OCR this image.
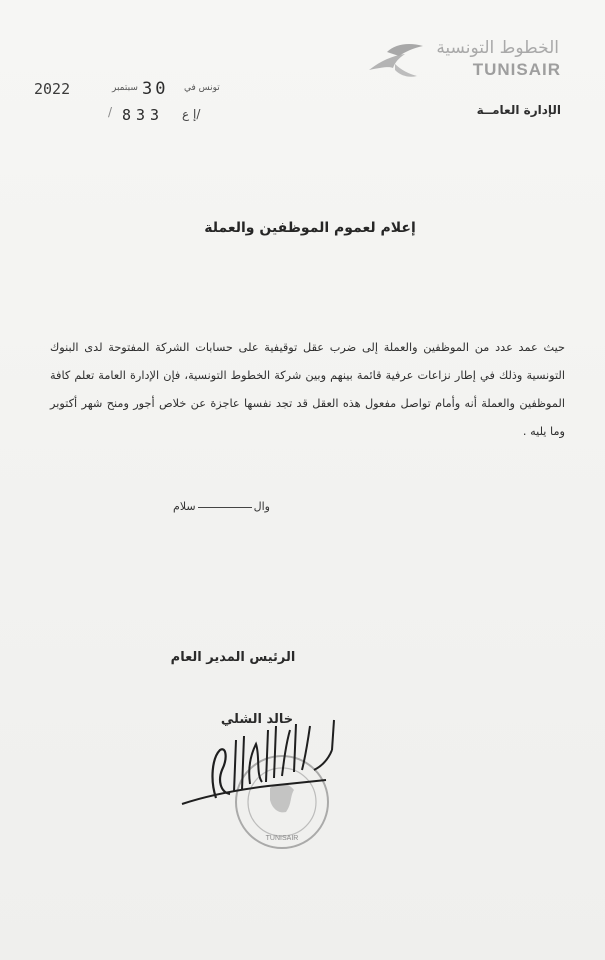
الخطوط التونسية
TUNISAIR
الإدارة العامــة
2022	سبتمبر 30 تونس في
/ 833 إ ع/
إعلام لعموم الموظفين والعملة
حيث عمد عدد من الموظفين والعملة إلى ضرب عقل توقيفية على حسابات الشركة المفتوحة لدى البنوك التونسية وذلك في إطار نزاعات عرفية قائمة بينهم وبين شركة الخطوط التونسية، فإن الإدارة العامة تعلم كافة الموظفين والعملة أنه وأمام تواصل مفعول هذه العقل قد تجد نفسها عاجزة عن خلاص أجور ومنح شهر أكتوبر وما يليه .
والسلام
الرئيس المدير العام
خالد الشلي
TUNISAIR
